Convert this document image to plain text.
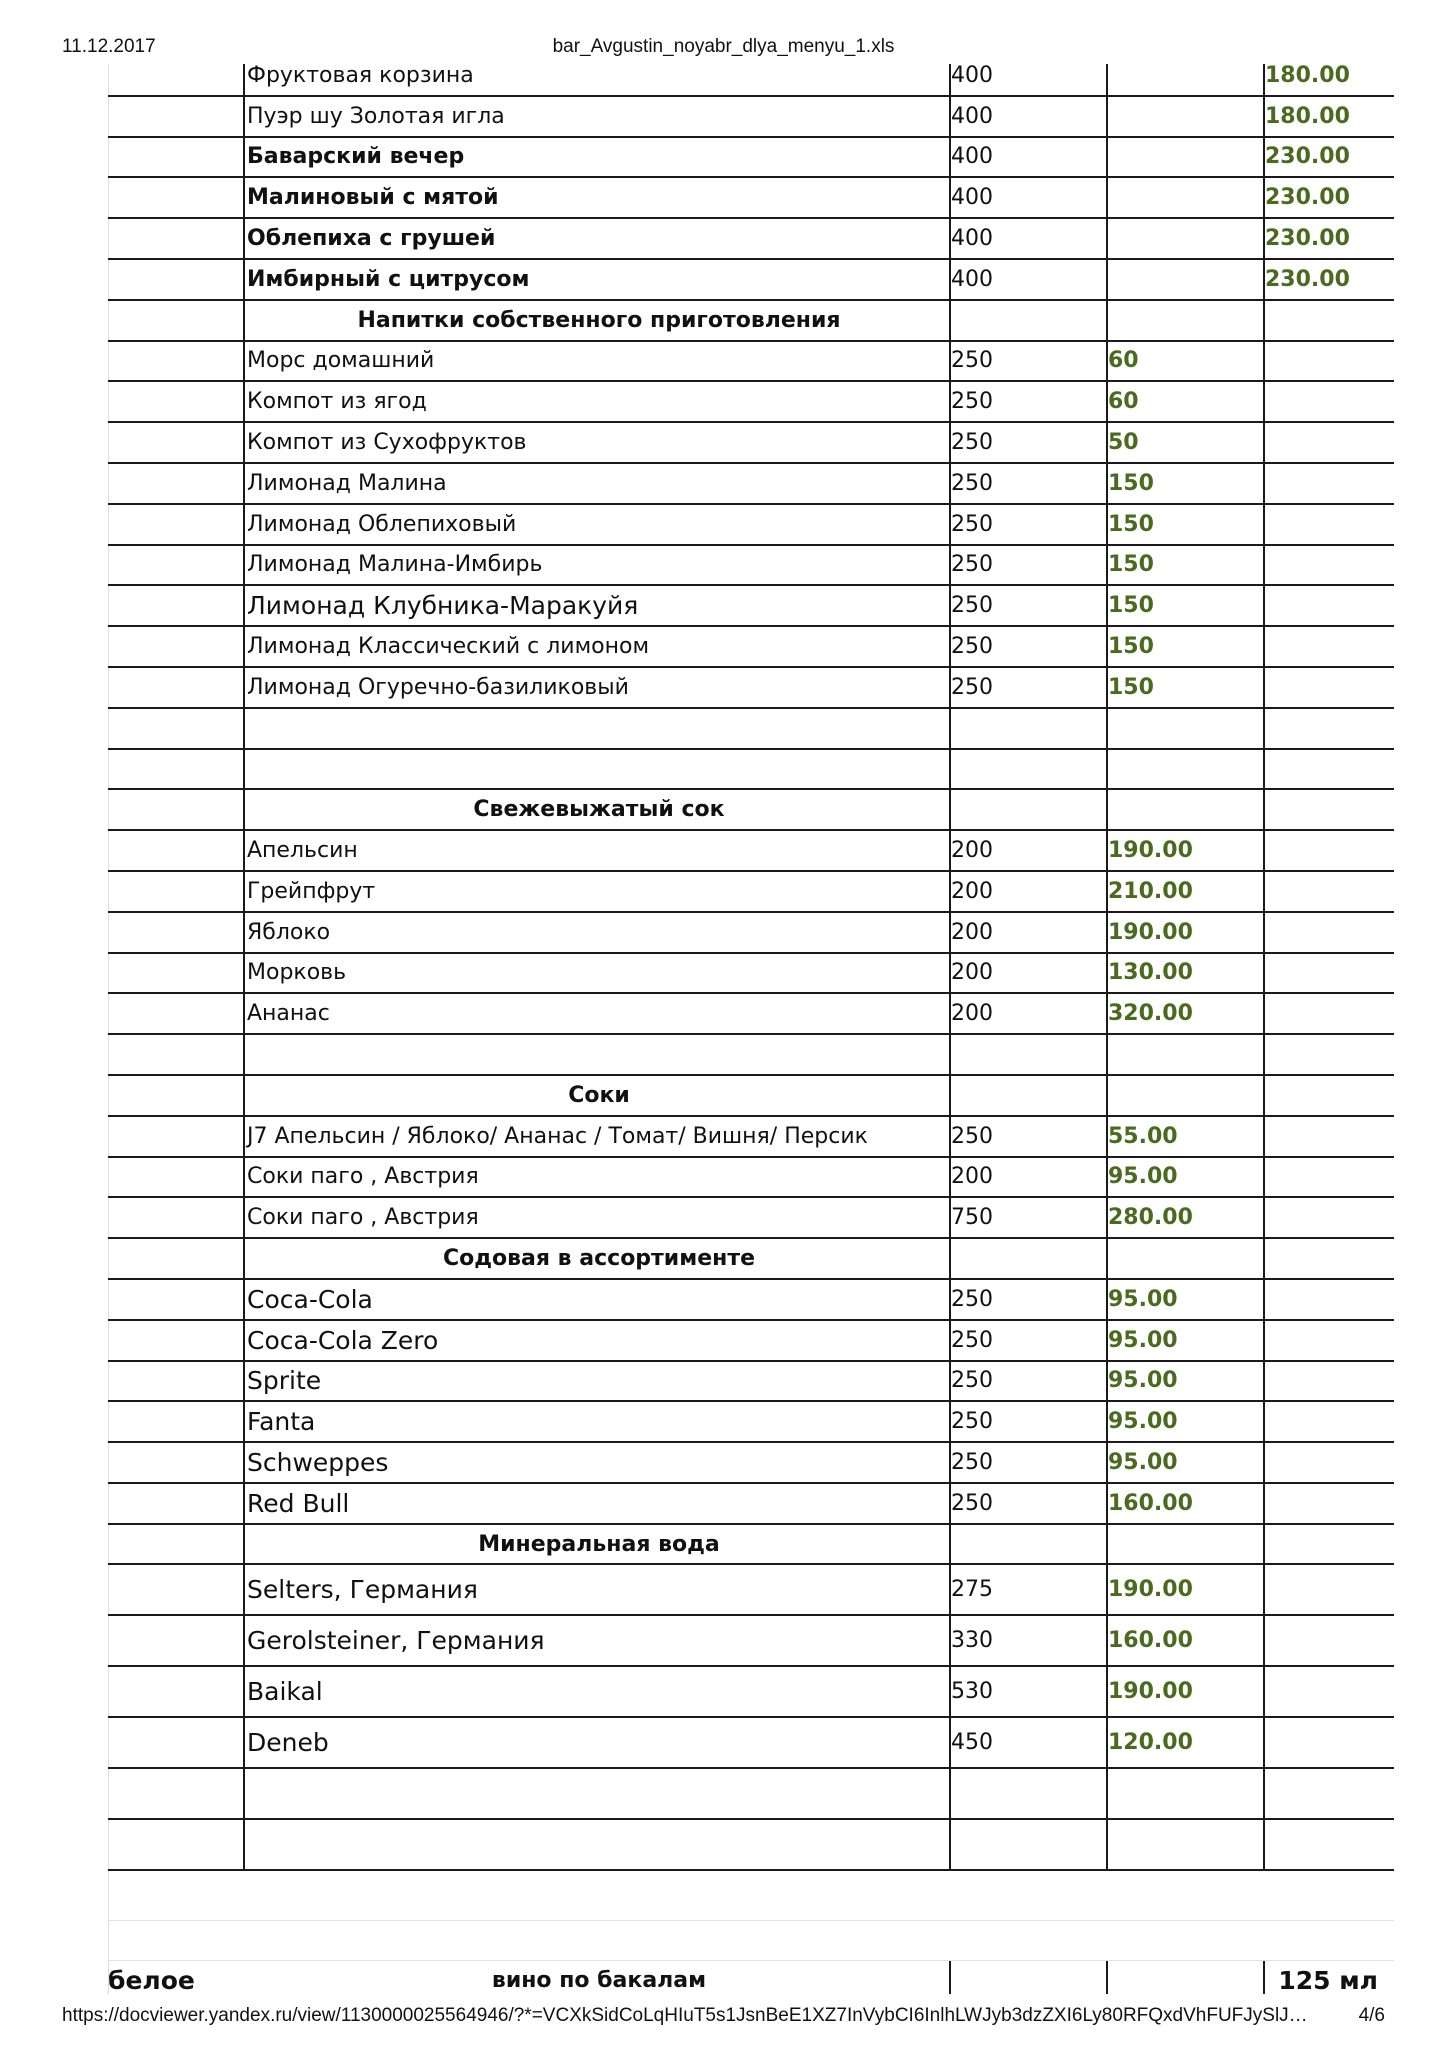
11.12.2017	bar_Avgustin_noyabr_dlya_menyu_1.xls
Фруктовая корзина	400	180.00
Пуэр шу Золотая игла	400	180.00
Баварский вечер	400	230.00
Малиновый с мятой	400	230.00
Облепиха с грушей	400	230.00
Имбирный с цитрусом	400	230.00
Напитки собственного приготовления
Морс домашний	250	60
Компот из ягод	250	60
Компот из Сухофруктов	250	50
Лимонад Малина	250	150
Лимонад Облепиховый	250	150
Лимонад Малина-Имбирь	250	150
Лимонад Клубника-Маракуйя	250	150
Лимонад Классический с лимоном	250	150
Лимонад Огуречно-базиликовый	250	150
Свежевыжатый сок
Апельсин	200	190.00
Грейпфрут	200	210.00
Яблоко	200	190.00
Морковь	200	130.00
Ананас	200	320.00
Соки
J7 Апельсин / Яблоко/ Ананас / Томат/ Вишня/ Персик	250	55.00
Соки паго , Австрия	200	95.00
Соки паго , Австрия	750	280.00
Содовая в ассортименте
Coca-Cola	250	95.00
Coca-Cola Zero	250	95.00
Sprite	250	95.00
Fanta	250	95.00
Schweppes	250	95.00
Red Bull	250	160.00
Минеральная вода
Selters, Германия	275	190.00
Gerolsteiner, Германия	330	160.00
Baikal	530	190.00
Deneb	450	120.00
белое	вино по бакалам	125 мл
https://docviewer.yandex.ru/view/1130000025564946/?*=VCXkSidCoLqHIuT5s1JsnBeE1XZ7InVybCI6InlhLWJyb3dzZXI6Ly80RFQxdVhFUFJySlJ…	4/6
